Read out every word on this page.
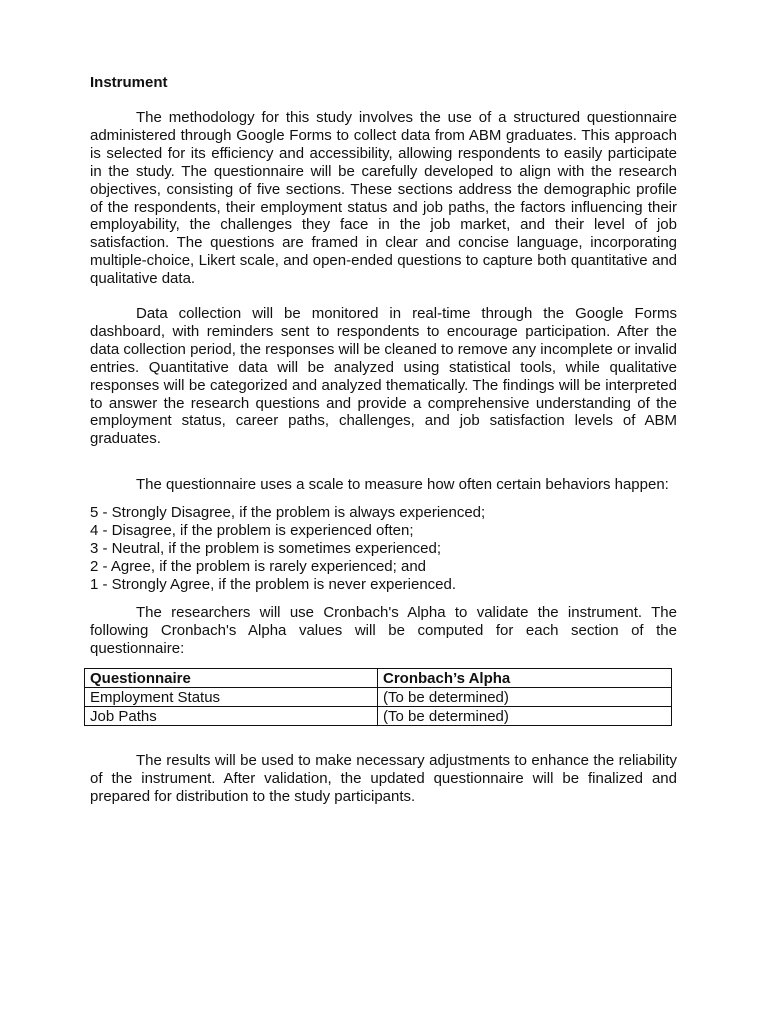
Instrument

The methodology for this study involves the use of a structured questionnaire administered through Google Forms to collect data from ABM graduates. This approach is selected for its efficiency and accessibility, allowing respondents to easily participate in the study. The questionnaire will be carefully developed to align with the research objectives, consisting of five sections. These sections address the demographic profile of the respondents, their employment status and job paths, the factors influencing their employability, the challenges they face in the job market, and their level of job satisfaction. The questions are framed in clear and concise language, incorporating multiple-choice, Likert scale, and open-ended questions to capture both quantitative and qualitative data.

Data collection will be monitored in real-time through the Google Forms dashboard, with reminders sent to respondents to encourage participation. After the data collection period, the responses will be cleaned to remove any incomplete or invalid entries. Quantitative data will be analyzed using statistical tools, while qualitative responses will be categorized and analyzed thematically. The findings will be interpreted to answer the research questions and provide a comprehensive understanding of the employment status, career paths, challenges, and job satisfaction levels of ABM graduates.

The questionnaire uses a scale to measure how often certain behaviors happen:

5 - Strongly Disagree, if the problem is always experienced;
4 - Disagree, if the problem is experienced often;
3 - Neutral, if the problem is sometimes experienced;
2 - Agree, if the problem is rarely experienced; and
1 - Strongly Agree, if the problem is never experienced.

The researchers will use Cronbach's Alpha to validate the instrument. The following Cronbach's Alpha values will be computed for each section of the questionnaire:

Questionnaire	Cronbach’s Alpha
Employment Status	(To be determined)
Job Paths	(To be determined)

The results will be used to make necessary adjustments to enhance the reliability of the instrument. After validation, the updated questionnaire will be finalized and prepared for distribution to the study participants.
